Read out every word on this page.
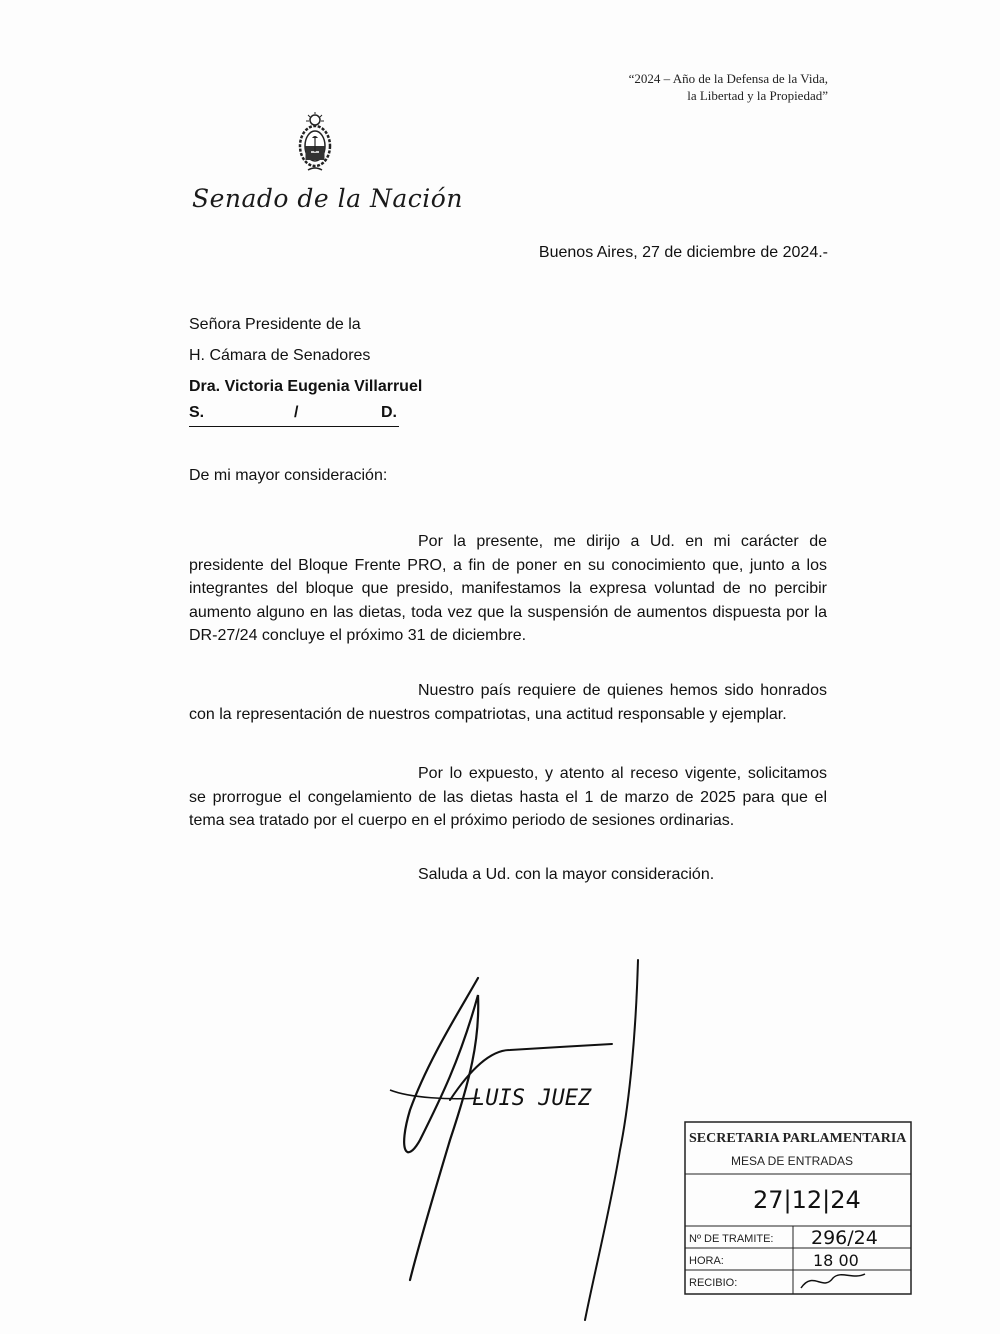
“2024 – Año de la Defensa de la Vida,
la Libertad y la Propiedad”
Senado de la Nación
Buenos Aires, 27 de diciembre de 2024.-
Señora Presidente de la
H. Cámara de Senadores
Dra. Victoria Eugenia Villarruel
S.	/	D.
De mi mayor consideración:

Por la presente, me dirijo a Ud. en mi carácter de presidente del Bloque Frente PRO, a fin de poner en su conocimiento que, junto a los integrantes del bloque que presido, manifestamos la expresa voluntad de no percibir aumento alguno en las dietas, toda vez que la suspensión de aumentos dispuesta por la DR-27/24 concluye el próximo 31 de diciembre.

Nuestro país requiere de quienes hemos sido honrados con la representación de nuestros compatriotas, una actitud responsable y ejemplar.

Por lo expuesto, y atento al receso vigente, solicitamos se prorrogue el congelamiento de las dietas hasta el 1 de marzo de 2025 para que el tema sea tratado por el cuerpo en el próximo periodo de sesiones ordinarias.

Saluda a Ud. con la mayor consideración.
LUIS JUEZ
SECRETARIA PARLAMENTARIA
MESA DE ENTRADAS
27|12|24
Nº DE TRAMITE: 296/24
HORA:	18 00
RECIBIO:
